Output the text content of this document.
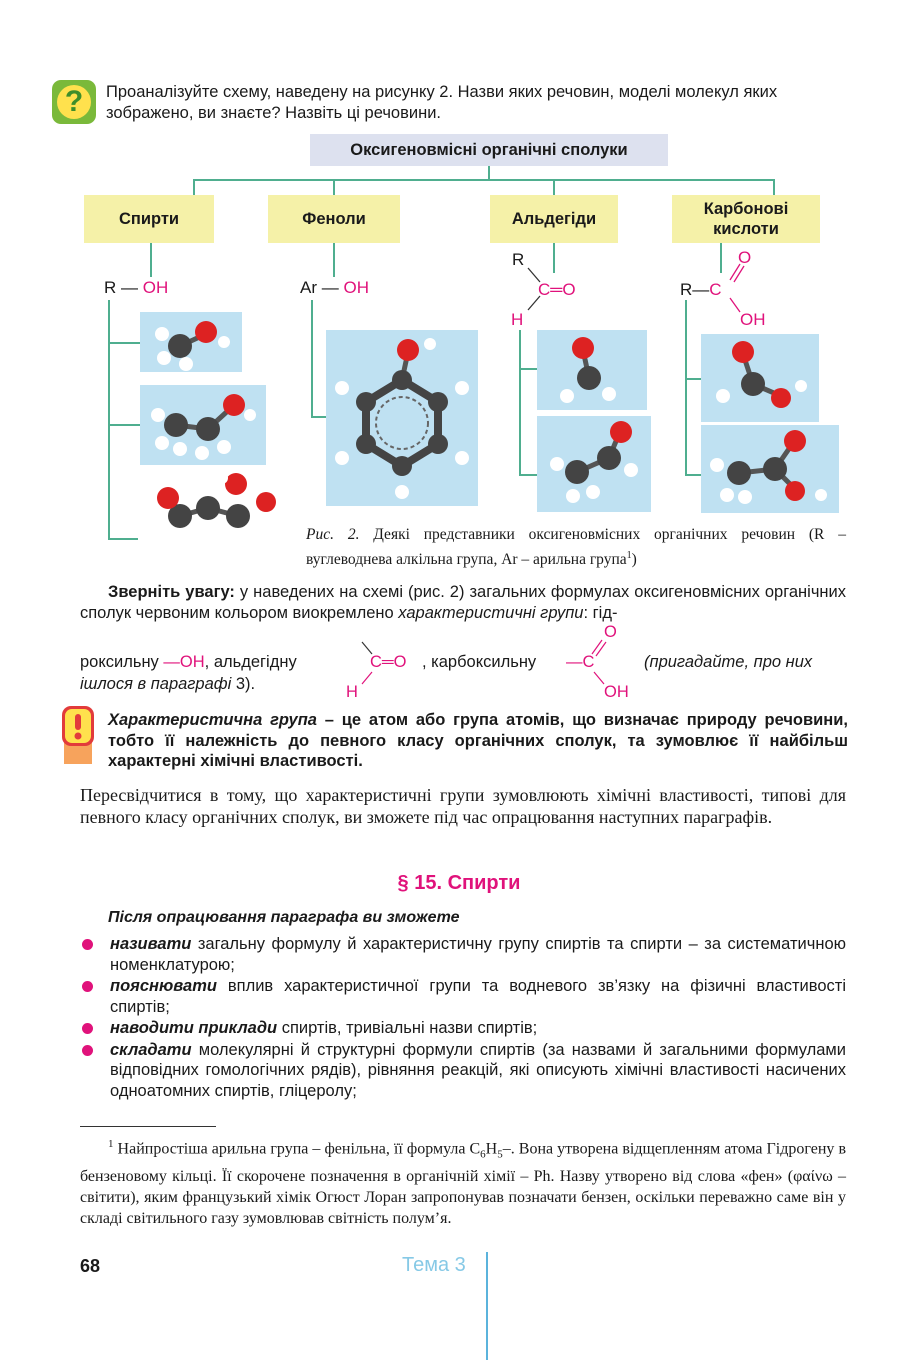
?	Проаналізуйте схему, наведену на рисунку 2. Назви яких речовин, моделі молекул яких зображено, ви знаєте? Назвіть ці речовини.
Оксигеновмісні органічні сполуки
Спирти	Феноли	Альдегіди
Карбонові кислоти
R — OH	Ar — OH
R
C═O
H
R—C
O
OH
Рис. 2. Деякі представники оксигеновмісних органічних речовин (R – вуглеводнева алкільна група, Ar – арильна група$^1$)
Зверніть увагу: у наведених на схемі (рис. 2) загальних формулах оксигеновмісних органічних сполук червоним кольором виокремлено характеристичні групи: гід-
роксильну —OH, альдегідну	C═O
H
, карбоксильну —C
O
OH
(пригадайте, про них
ішлося в параграфі 3).
Характеристична група – це атом або група атомів, що визначає природу речовини, тобто її належність до певного класу органічних сполук, та зумовлює її найбільш характерні хімічні властивості.
Пересвідчитися в тому, що характеристичні групи зумовлюють хімічні властивості, типові для певного класу органічних сполук, ви зможете під час опрацювання наступних параграфів.
§ 15. Спирти
Після опрацювання параграфа ви зможете
називати загальну формулу й характеристичну групу спиртів та спирти – за систематичною номенклатурою;
пояснювати вплив характеристичної групи та водневого зв’язку на фізичні властивості спиртів;
наводити приклади спиртів, тривіальні назви спиртів;
складати молекулярні й структурні формули спиртів (за назвами й загальними формулами відповідних гомологічних рядів), рівняння реакцій, які описують хімічні властивості насичених одноатомних спиртів, гліцеролу;
$^1$ Найпростіша арильна група – фенільна, її формула $C_6H_5-$. Вона утворена відщепленням атома Гідрогену в бензеновому кільці. Її скорочене позначення в органічній хімії – Ph. Назву утворено від слова «фен» (φαίνω – світити), яким французький хімік Огюст Лоран запропонував позначати бензен, оскільки переважно саме він у складі світильного газу зумовлював світність полум’я.
68	Тема 3
